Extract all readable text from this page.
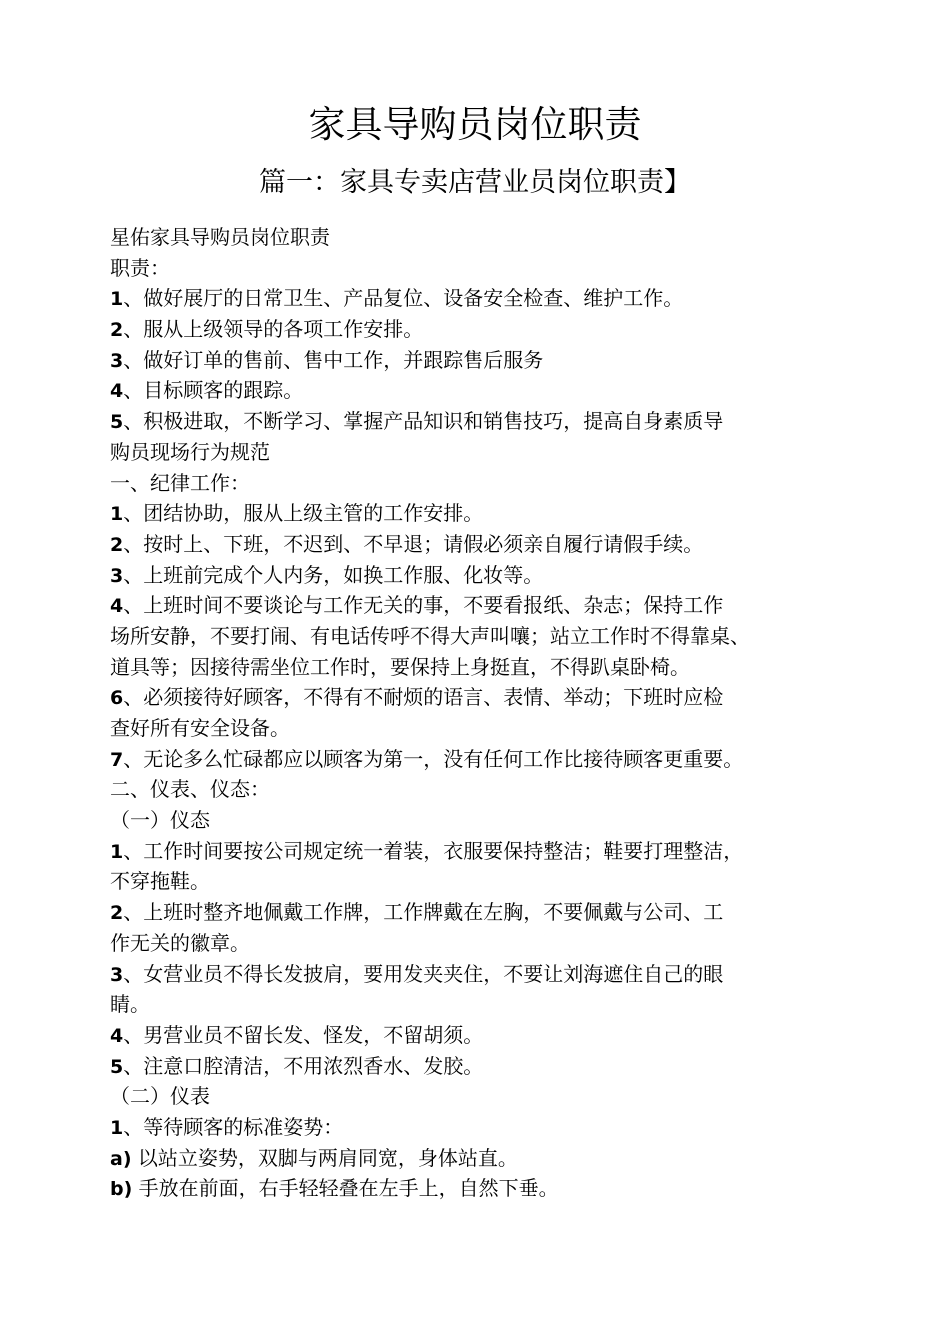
家具导购员岗位职责
篇一：家具专卖店营业员岗位职责】
星佑家具导购员岗位职责
职责：
1、做好展厅的日常卫生、产品复位、设备安全检查、维护工作。
2、服从上级领导的各项工作安排。
3、做好订单的售前、售中工作，并跟踪售后服务
4、目标顾客的跟踪。
5、积极进取，不断学习、掌握产品知识和销售技巧，提高自身素质导
购员现场行为规范
一、纪律工作：
1、团结协助，服从上级主管的工作安排。
2、按时上、下班，不迟到、不早退；请假必须亲自履行请假手续。
3、上班前完成个人内务，如换工作服、化妆等。
4、上班时间不要谈论与工作无关的事，不要看报纸、杂志；保持工作
场所安静，不要打闹、有电话传呼不得大声叫嚷；站立工作时不得靠桌、
道具等；因接待需坐位工作时，要保持上身挺直，不得趴桌卧椅。
6、必须接待好顾客，不得有不耐烦的语言、表情、举动；下班时应检
查好所有安全设备。
7、无论多么忙碌都应以顾客为第一，没有任何工作比接待顾客更重要。
二、仪表、仪态：
（一）仪态
1、工作时间要按公司规定统一着装，衣服要保持整洁；鞋要打理整洁，
不穿拖鞋。
2、上班时整齐地佩戴工作牌，工作牌戴在左胸，不要佩戴与公司、工
作无关的徽章。
3、女营业员不得长发披肩，要用发夹夹住，不要让刘海遮住自己的眼
睛。
4、男营业员不留长发、怪发，不留胡须。
5、注意口腔清洁，不用浓烈香水、发胶。
（二）仪表
1、等待顾客的标准姿势：
a) 以站立姿势，双脚与两肩同宽，身体站直。
b) 手放在前面，右手轻轻叠在左手上，自然下垂。
